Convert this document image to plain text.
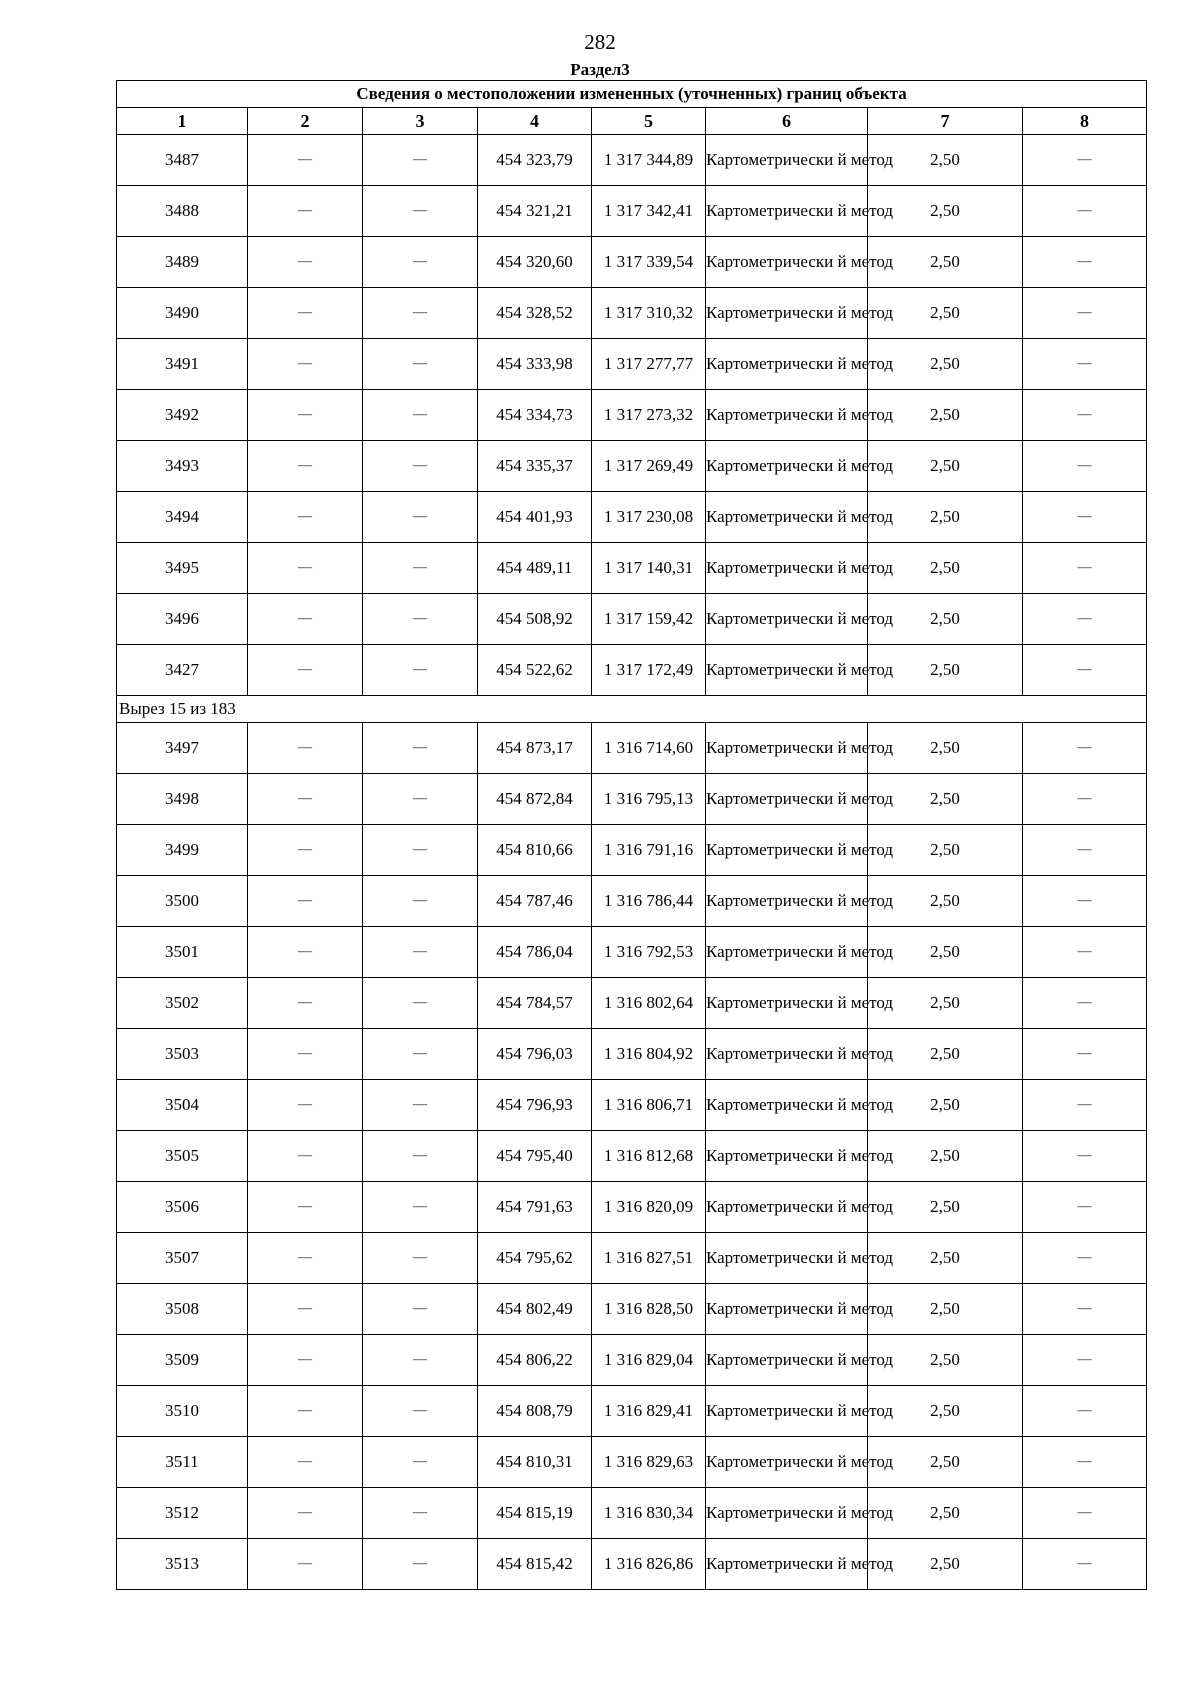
282
Раздел3
Сведения о местоположении измененных (уточненных) границ объекта							
1	2	3	4	5	6	7	8
3487	—	—	454 323,79	1 317 344,89	Картометрически й метод	2,50	—
3488	—	—	454 321,21	1 317 342,41	Картометрически й метод	2,50	—
3489	—	—	454 320,60	1 317 339,54	Картометрически й метод	2,50	—
3490	—	—	454 328,52	1 317 310,32	Картометрически й метод	2,50	—
3491	—	—	454 333,98	1 317 277,77	Картометрически й метод	2,50	—
3492	—	—	454 334,73	1 317 273,32	Картометрически й метод	2,50	—
3493	—	—	454 335,37	1 317 269,49	Картометрически й метод	2,50	—
3494	—	—	454 401,93	1 317 230,08	Картометрически й метод	2,50	—
3495	—	—	454 489,11	1 317 140,31	Картометрически й метод	2,50	—
3496	—	—	454 508,92	1 317 159,42	Картометрически й метод	2,50	—
3427	—	—	454 522,62	1 317 172,49	Картометрически й метод	2,50	—
Вырез 15 из 183							
3497	—	—	454 873,17	1 316 714,60	Картометрически й метод	2,50	—
3498	—	—	454 872,84	1 316 795,13	Картометрически й метод	2,50	—
3499	—	—	454 810,66	1 316 791,16	Картометрически й метод	2,50	—
3500	—	—	454 787,46	1 316 786,44	Картометрически й метод	2,50	—
3501	—	—	454 786,04	1 316 792,53	Картометрически й метод	2,50	—
3502	—	—	454 784,57	1 316 802,64	Картометрически й метод	2,50	—
3503	—	—	454 796,03	1 316 804,92	Картометрически й метод	2,50	—
3504	—	—	454 796,93	1 316 806,71	Картометрически й метод	2,50	—
3505	—	—	454 795,40	1 316 812,68	Картометрически й метод	2,50	—
3506	—	—	454 791,63	1 316 820,09	Картометрически й метод	2,50	—
3507	—	—	454 795,62	1 316 827,51	Картометрически й метод	2,50	—
3508	—	—	454 802,49	1 316 828,50	Картометрически й метод	2,50	—
3509	—	—	454 806,22	1 316 829,04	Картометрически й метод	2,50	—
3510	—	—	454 808,79	1 316 829,41	Картометрически й метод	2,50	—
3511	—	—	454 810,31	1 316 829,63	Картометрически й метод	2,50	—
3512	—	—	454 815,19	1 316 830,34	Картометрически й метод	2,50	—
3513	—	—	454 815,42	1 316 826,86	Картометрически й метод	2,50	—
